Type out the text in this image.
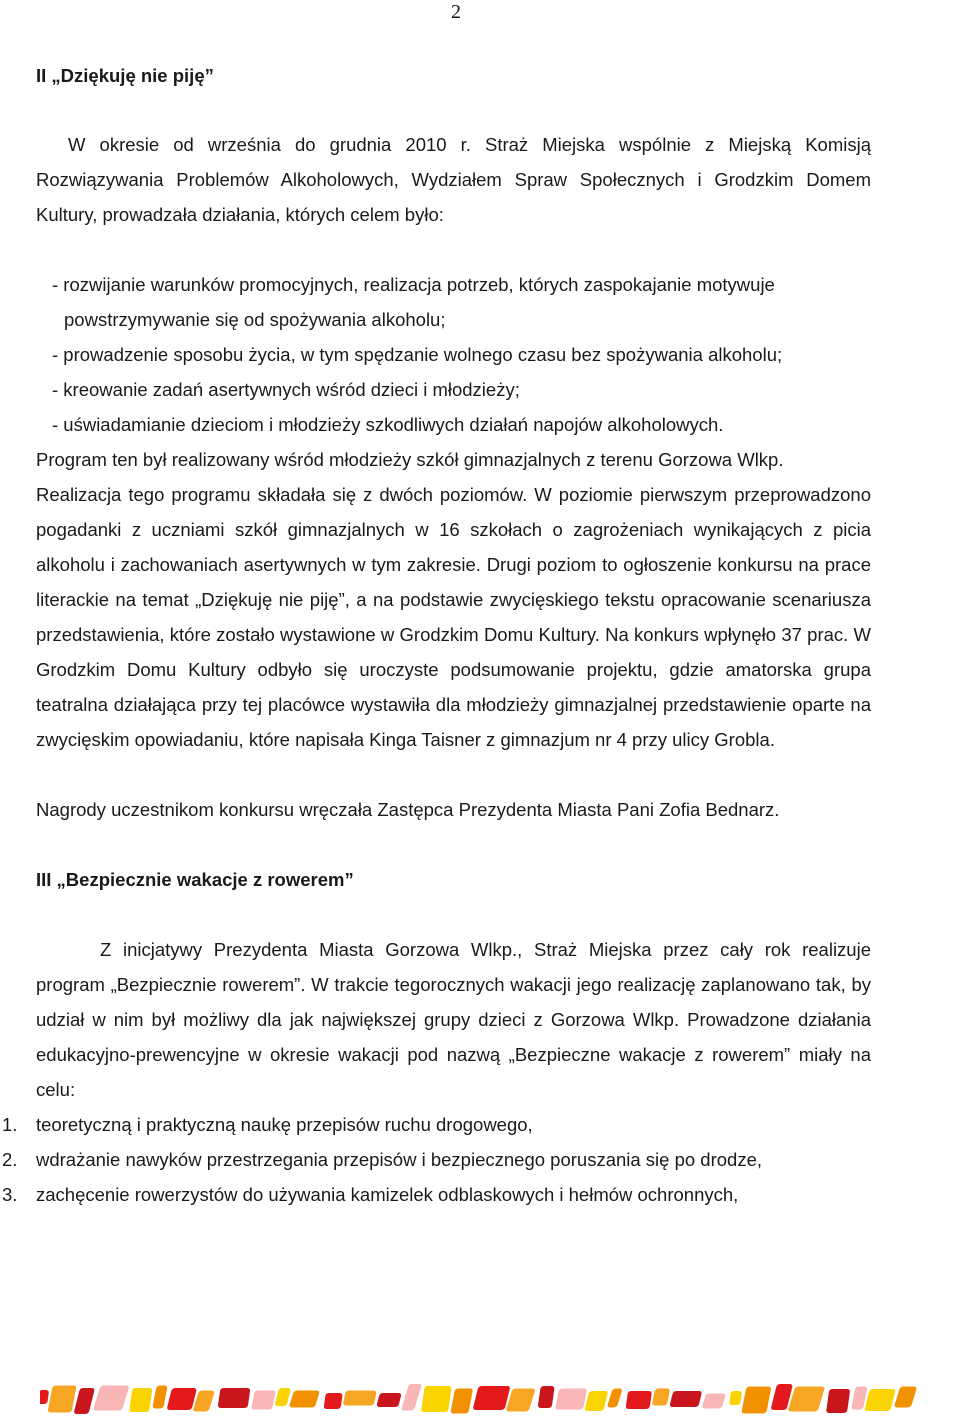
2
II „Dziękuję nie piję”

W okresie od września do grudnia 2010 r. Straż Miejska wspólnie z Miejską Komisją Rozwiązywania Problemów Alkoholowych, Wydziałem Spraw Społecznych i Grodzkim Domem Kultury, prowadzała działania, których celem było:

- rozwijanie warunków promocyjnych, realizacja potrzeb, których zaspokajanie motywuje
powstrzymywanie się od spożywania alkoholu;
- prowadzenie sposobu życia, w tym spędzanie wolnego czasu bez spożywania alkoholu;
- kreowanie zadań asertywnych wśród dzieci i młodzieży;
- uświadamianie dzieciom i młodzieży szkodliwych działań napojów alkoholowych.

Program ten był realizowany wśród młodzieży szkół gimnazjalnych z terenu Gorzowa Wlkp.

Realizacja tego programu składała się z dwóch poziomów. W poziomie pierwszym przeprowadzono pogadanki z uczniami szkół gimnazjalnych w 16 szkołach o zagrożeniach wynikających z picia alkoholu i zachowaniach asertywnych w tym zakresie. Drugi poziom to ogłoszenie konkursu na prace literackie na temat „Dziękuję nie piję”, a na podstawie zwycięskiego tekstu opracowanie scenariusza przedstawienia, które zostało wystawione w Grodzkim Domu Kultury. Na konkurs wpłynęło 37 prac. W Grodzkim Domu Kultury odbyło się uroczyste podsumowanie projektu, gdzie amatorska grupa teatralna działająca przy tej placówce wystawiła dla młodzieży gimnazjalnej przedstawienie oparte na zwycięskim opowiadaniu, które napisała Kinga Taisner z gimnazjum nr 4 przy ulicy Grobla.

Nagrody uczestnikom konkursu wręczała Zastępca Prezydenta Miasta Pani Zofia Bednarz.

III „Bezpiecznie wakacje z rowerem”

Z inicjatywy Prezydenta Miasta Gorzowa Wlkp., Straż Miejska przez cały rok realizuje program „Bezpiecznie rowerem”. W trakcie tegorocznych wakacji jego realizację zaplanowano tak, by udział w nim był możliwy dla jak największej grupy dzieci z Gorzowa Wlkp. Prowadzone działania edukacyjno-prewencyjne w okresie wakacji pod nazwą „Bezpieczne wakacje z rowerem” miały na celu:

1. teoretyczną i praktyczną naukę przepisów ruchu drogowego,
2. wdrażanie nawyków przestrzegania przepisów i bezpiecznego poruszania się po drodze,
3. zachęcenie rowerzystów do używania kamizelek odblaskowych i hełmów ochronnych,
